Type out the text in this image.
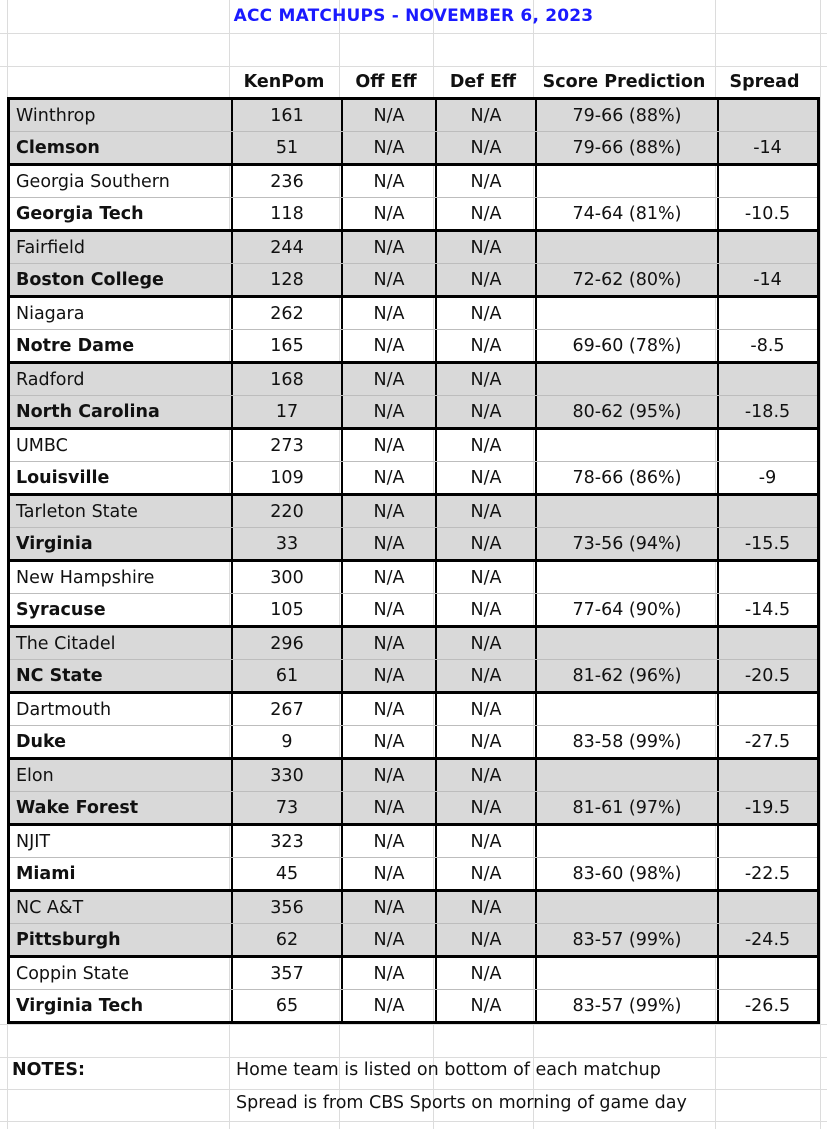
ACC MATCHUPS - NOVEMBER 6, 2023
KenPom	Off Eff	Def Eff	Score Prediction	Spread
Winthrop	161	N/A	N/A	79-66 (88%)
Clemson	51	N/A	N/A	79-66 (88%)	-14
Georgia Southern	236	N/A	N/A
Georgia Tech	118	N/A	N/A	74-64 (81%)	-10.5
Fairfield	244	N/A	N/A
Boston College	128	N/A	N/A	72-62 (80%)	-14
Niagara	262	N/A	N/A
Notre Dame	165	N/A	N/A	69-60 (78%)	-8.5
Radford	168	N/A	N/A
North Carolina	17	N/A	N/A	80-62 (95%)	-18.5
UMBC	273	N/A	N/A
Louisville	109	N/A	N/A	78-66 (86%)	-9
Tarleton State	220	N/A	N/A
Virginia	33	N/A	N/A	73-56 (94%)	-15.5
New Hampshire	300	N/A	N/A
Syracuse	105	N/A	N/A	77-64 (90%)	-14.5
The Citadel	296	N/A	N/A
NC State	61	N/A	N/A	81-62 (96%)	-20.5
Dartmouth	267	N/A	N/A
Duke	9	N/A	N/A	83-58 (99%)	-27.5
Elon	330	N/A	N/A
Wake Forest	73	N/A	N/A	81-61 (97%)	-19.5
NJIT	323	N/A	N/A
Miami	45	N/A	N/A	83-60 (98%)	-22.5
NC A&T	356	N/A	N/A
Pittsburgh	62	N/A	N/A	83-57 (99%)	-24.5
Coppin State	357	N/A	N/A
Virginia Tech	65	N/A	N/A	83-57 (99%)	-26.5
NOTES:	Home team is listed on bottom of each matchup
Spread is from CBS Sports on morning of game day
